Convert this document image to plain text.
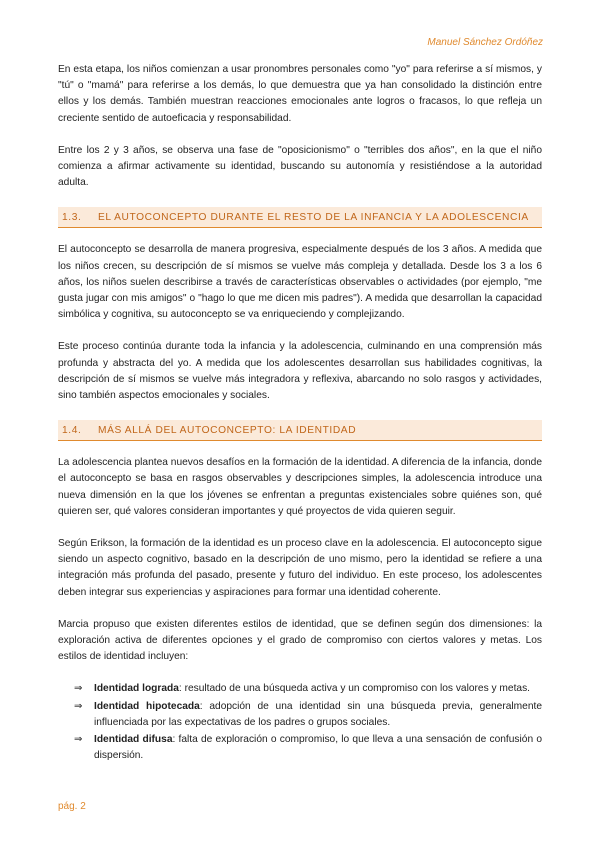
Manuel Sánchez Ordóñez

En esta etapa, los niños comienzan a usar pronombres personales como "yo" para referirse a sí mismos, y "tú" o "mamá" para referirse a los demás, lo que demuestra que ya han consolidado la distinción entre ellos y los demás. También muestran reacciones emocionales ante logros o fracasos, lo que refleja un creciente sentido de autoeficacia y responsabilidad.

Entre los 2 y 3 años, se observa una fase de "oposicionismo" o "terribles dos años", en la que el niño comienza a afirmar activamente su identidad, buscando su autonomía y resistiéndose a la autoridad adulta.

1.3.	EL AUTOCONCEPTO DURANTE EL RESTO DE LA INFANCIA Y LA ADOLESCENCIA

El autoconcepto se desarrolla de manera progresiva, especialmente después de los 3 años. A medida que los niños crecen, su descripción de sí mismos se vuelve más compleja y detallada. Desde los 3 a los 6 años, los niños suelen describirse a través de características observables o actividades (por ejemplo, "me gusta jugar con mis amigos" o "hago lo que me dicen mis padres"). A medida que desarrollan la capacidad simbólica y cognitiva, su autoconcepto se va enriqueciendo y complejizando.

Este proceso continúa durante toda la infancia y la adolescencia, culminando en una comprensión más profunda y abstracta del yo. A medida que los adolescentes desarrollan sus habilidades cognitivas, la descripción de sí mismos se vuelve más integradora y reflexiva, abarcando no solo rasgos y actividades, sino también aspectos emocionales y sociales.

1.4.	MÁS ALLÁ DEL AUTOCONCEPTO: LA IDENTIDAD

La adolescencia plantea nuevos desafíos en la formación de la identidad. A diferencia de la infancia, donde el autoconcepto se basa en rasgos observables y descripciones simples, la adolescencia introduce una nueva dimensión en la que los jóvenes se enfrentan a preguntas existenciales sobre quiénes son, qué quieren ser, qué valores consideran importantes y qué proyectos de vida quieren seguir.

Según Erikson, la formación de la identidad es un proceso clave en la adolescencia. El autoconcepto sigue siendo un aspecto cognitivo, basado en la descripción de uno mismo, pero la identidad se refiere a una integración más profunda del pasado, presente y futuro del individuo. En este proceso, los adolescentes deben integrar sus experiencias y aspiraciones para formar una identidad coherente.

Marcia propuso que existen diferentes estilos de identidad, que se definen según dos dimensiones: la exploración activa de diferentes opciones y el grado de compromiso con ciertos valores y metas. Los estilos de identidad incluyen:

⇒ Identidad lograda: resultado de una búsqueda activa y un compromiso con los valores y metas.
⇒ Identidad hipotecada: adopción de una identidad sin una búsqueda previa, generalmente influenciada por las expectativas de los padres o grupos sociales.
⇒ Identidad difusa: falta de exploración o compromiso, lo que lleva a una sensación de confusión o dispersión.
pág. 2
